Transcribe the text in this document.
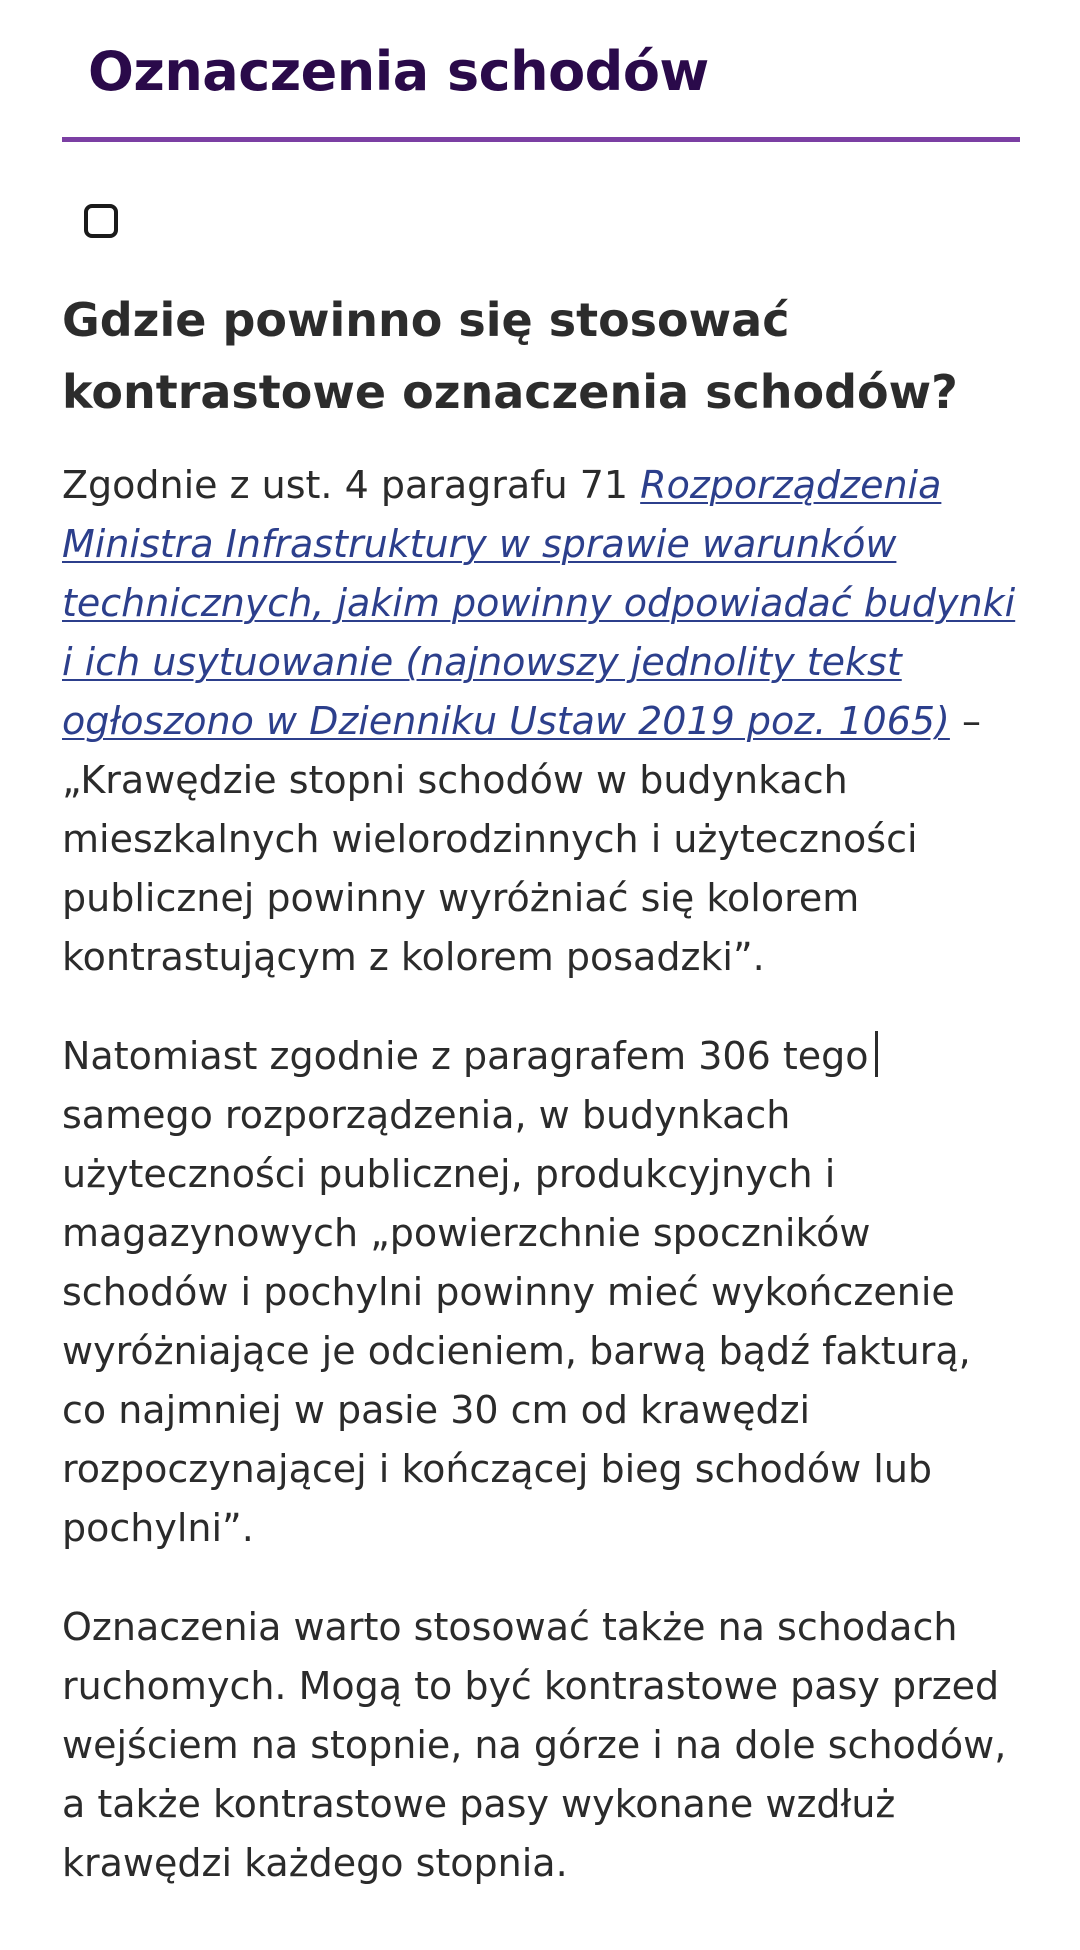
Oznaczenia schodów
Gdzie powinno się stosować kontrastowe oznaczenia schodów?

Zgodnie z ust. 4 paragrafu 71 Rozporządzenia Ministra Infrastruktury w sprawie warunków technicznych, jakim powinny odpowiadać budynki i ich usytuowanie (najnowszy jednolity tekst ogłoszono w Dzienniku Ustaw 2019 poz. 1065) – „Krawędzie stopni schodów w budynkach mieszkalnych wielorodzinnych i użyteczności publicznej powinny wyróżniać się kolorem kontrastującym z kolorem posadzki”.

Natomiast zgodnie z paragrafem 306 tego samego rozporządzenia, w budynkach użyteczności publicznej, produkcyjnych i magazynowych „powierzchnie spoczników schodów i pochylni powinny mieć wykończenie wyróżniające je odcieniem, barwą bądź fakturą, co najmniej w pasie 30 cm od krawędzi rozpoczynającej i kończącej bieg schodów lub pochylni”.

Oznaczenia warto stosować także na schodach ruchomych. Mogą to być kontrastowe pasy przed wejściem na stopnie, na górze i na dole schodów, a także kontrastowe pasy wykonane wzdłuż krawędzi każdego stopnia.
